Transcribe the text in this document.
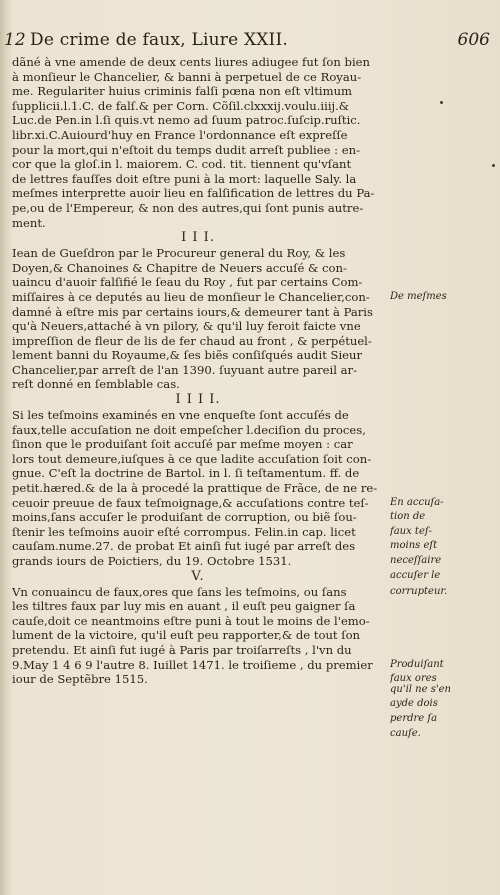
12 De crime de faux, Liure XXII.	606
dãné à vne amende de deux cents liures adiugee fut ſon bien
à monſieur le Chancelier, & banni à perpetuel de ce Royau-
me. Regulariter huius criminis falſi pœna non eſt vltimum
ſupplicii.l.1.C. de falſ.& per Corn. Cõſil.clxxxij.voulu.iiij.&
Luc.de Pen.in l.ſi quis.vt nemo ad ſuum patroc.ſuſcip.ruſtic.
libr.xi.C.Auiourd'huy en France l'ordonnance eſt expreſſe
pour la mort,qui n'eſtoit du temps dudit arreſt publiee : en-
cor que la gloſ.in l. maiorem. C. cod. tit. tiennent qu'vſant
de lettres fauſſes doit eſtre puni à la mort: laquelle Saly. la
meſmes interprette auoir lieu en falſification de lettres du Pa-
pe,ou de l'Empereur, & non des autres,qui ſont punis autre-
ment.
I I I.
Iean de Gueſdron par le Procureur general du Roy, & les
Doyen,& Chanoines & Chapitre de Neuers accuſé & con-
uaincu d'auoir falſifié le ſeau du Roy , fut par certains Com-
miſſaires à ce deputés au lieu de monſieur le Chancelier,con-
damné à eſtre mis par certains iours,& demeurer tant à Paris
qu'à Neuers,attaché à vn pilory, & qu'il luy feroit faicte vne
impreſſion de fleur de lis de fer chaud au front , & perpétuel-
lement banni du Royaume,& ſes biẽs conſiſqués audit Sieur
Chancelier,par arreſt de l'an 1390. ſuyuant autre pareil ar-
reſt donné en ſemblable cas.
I I I I.
Si les teſmoins examinés en vne enqueſte ſont accuſés de
faux,telle accuſation ne doit empeſcher l.deciſion du proces,
ſinon que le produiſant ſoit accuſé par meſme moyen : car
lors tout demeure,iuſques à ce que ladite accuſation ſoit con-
gnue. C'eſt la doctrine de Bartol. in l. ſi teſtamentum. ff. de
petit.hæred.& de la à procedé la prattique de Frãce, de ne re-
ceuoir preuue de faux teſmoignage,& accuſations contre teſ-
moins,ſans accuſer le produiſant de corruption, ou biẽ ſou-
ſtenir les teſmoins auoir eſté corrompus. Felin.in cap. licet
cauſam.nume.27. de probat Et ainſi fut iugé par arreſt des
grands iours de Poictiers, du 19. Octobre 1531.
V.
Vn conuaincu de faux,ores que ſans les teſmoins, ou ſans
les tiltres faux par luy mis en auant , il euſt peu gaigner ſa
cauſe,doit ce neantmoins eſtre puni à tout le moins de l'emo-
lument de la victoire, qu'il euſt peu rapporter,& de tout ſon
pretendu. Et ainſi fut iugé à Paris par troiſarreſts , l'vn du
9.May 1 4 6 9 l'autre 8. Iuillet 1471. le troiſieme , du premier
iour de Septẽbre 1515.
De meſmes
En accuſa-
tion de
faux teſ-
moins eſt
neceſſaire
accuſer le
corrupteur.
Produiſant
faux ores
qu'il ne s'en
ayde dois
perdre ſa
cauſe.
